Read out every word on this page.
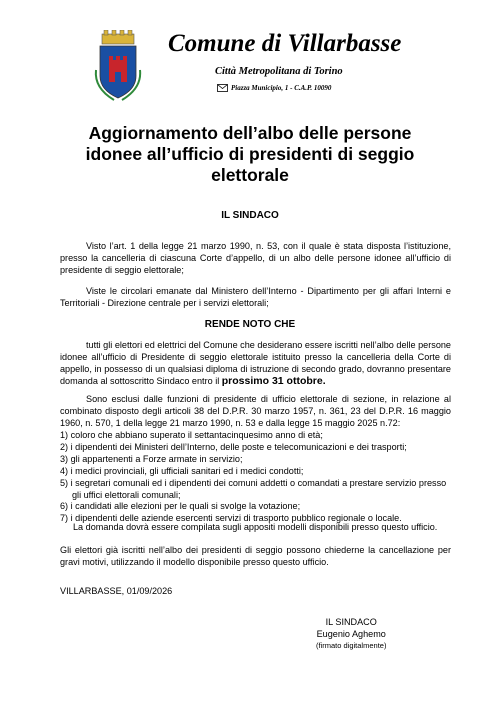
Comune di Villarbasse
Città Metropolitana di Torino
Piazza Municipio, 1 - C.A.P. 10090
Aggiornamento dell’albo delle persone idonee all’ufficio di presidenti di seggio elettorale
IL SINDACO
Visto l’art. 1 della legge 21 marzo 1990, n. 53, con il quale è stata disposta l’istituzione, presso la cancelleria di ciascuna Corte d’appello, di un albo delle persone idonee all’ufficio di presidente di seggio elettorale;
Viste le circolari emanate dal Ministero dell’Interno - Dipartimento per gli affari Interni e Territoriali - Direzione centrale per i servizi elettorali;
RENDE NOTO CHE
tutti gli elettori ed elettrici del Comune che desiderano essere iscritti nell’albo delle persone idonee all’ufficio di Presidente di seggio elettorale istituito presso la cancelleria della Corte di appello, in possesso di un qualsiasi diploma di istruzione di secondo grado, dovranno presentare domanda al sottoscritto Sindaco entro il prossimo 31 ottobre.
Sono esclusi dalle funzioni di presidente di ufficio elettorale di sezione, in relazione al combinato disposto degli articoli 38 del D.P.R. 30 marzo 1957, n. 361, 23 del D.P.R. 16 maggio 1960, n. 570, 1 della legge 21 marzo 1990, n. 53 e dalla legge 15 maggio 2025 n.72:
1) coloro che abbiano superato il settantacinquesimo anno di età;
2) i dipendenti dei Ministeri dell’Interno, delle poste e telecomunicazioni e dei trasporti;
3) gli appartenenti a Forze armate in servizio;
4) i medici provinciali, gli ufficiali sanitari ed i medici condotti;
5) i segretari comunali ed i dipendenti dei comuni addetti o comandati a prestare servizio presso gli uffici elettorali comunali;
6) i candidati alle elezioni per le quali si svolge la votazione;
7) i dipendenti delle aziende esercenti servizi di trasporto pubblico regionale o locale.
La domanda dovrà essere compilata sugli appositi modelli disponibili presso questo ufficio.
Gli elettori già iscritti nell’albo dei presidenti di seggio possono chiederne la cancellazione per gravi motivi, utilizzando il modello disponibile presso questo ufficio.
VILLARBASSE, 01/09/2026
IL SINDACO
Eugenio Aghemo
(firmato digitalmente)
